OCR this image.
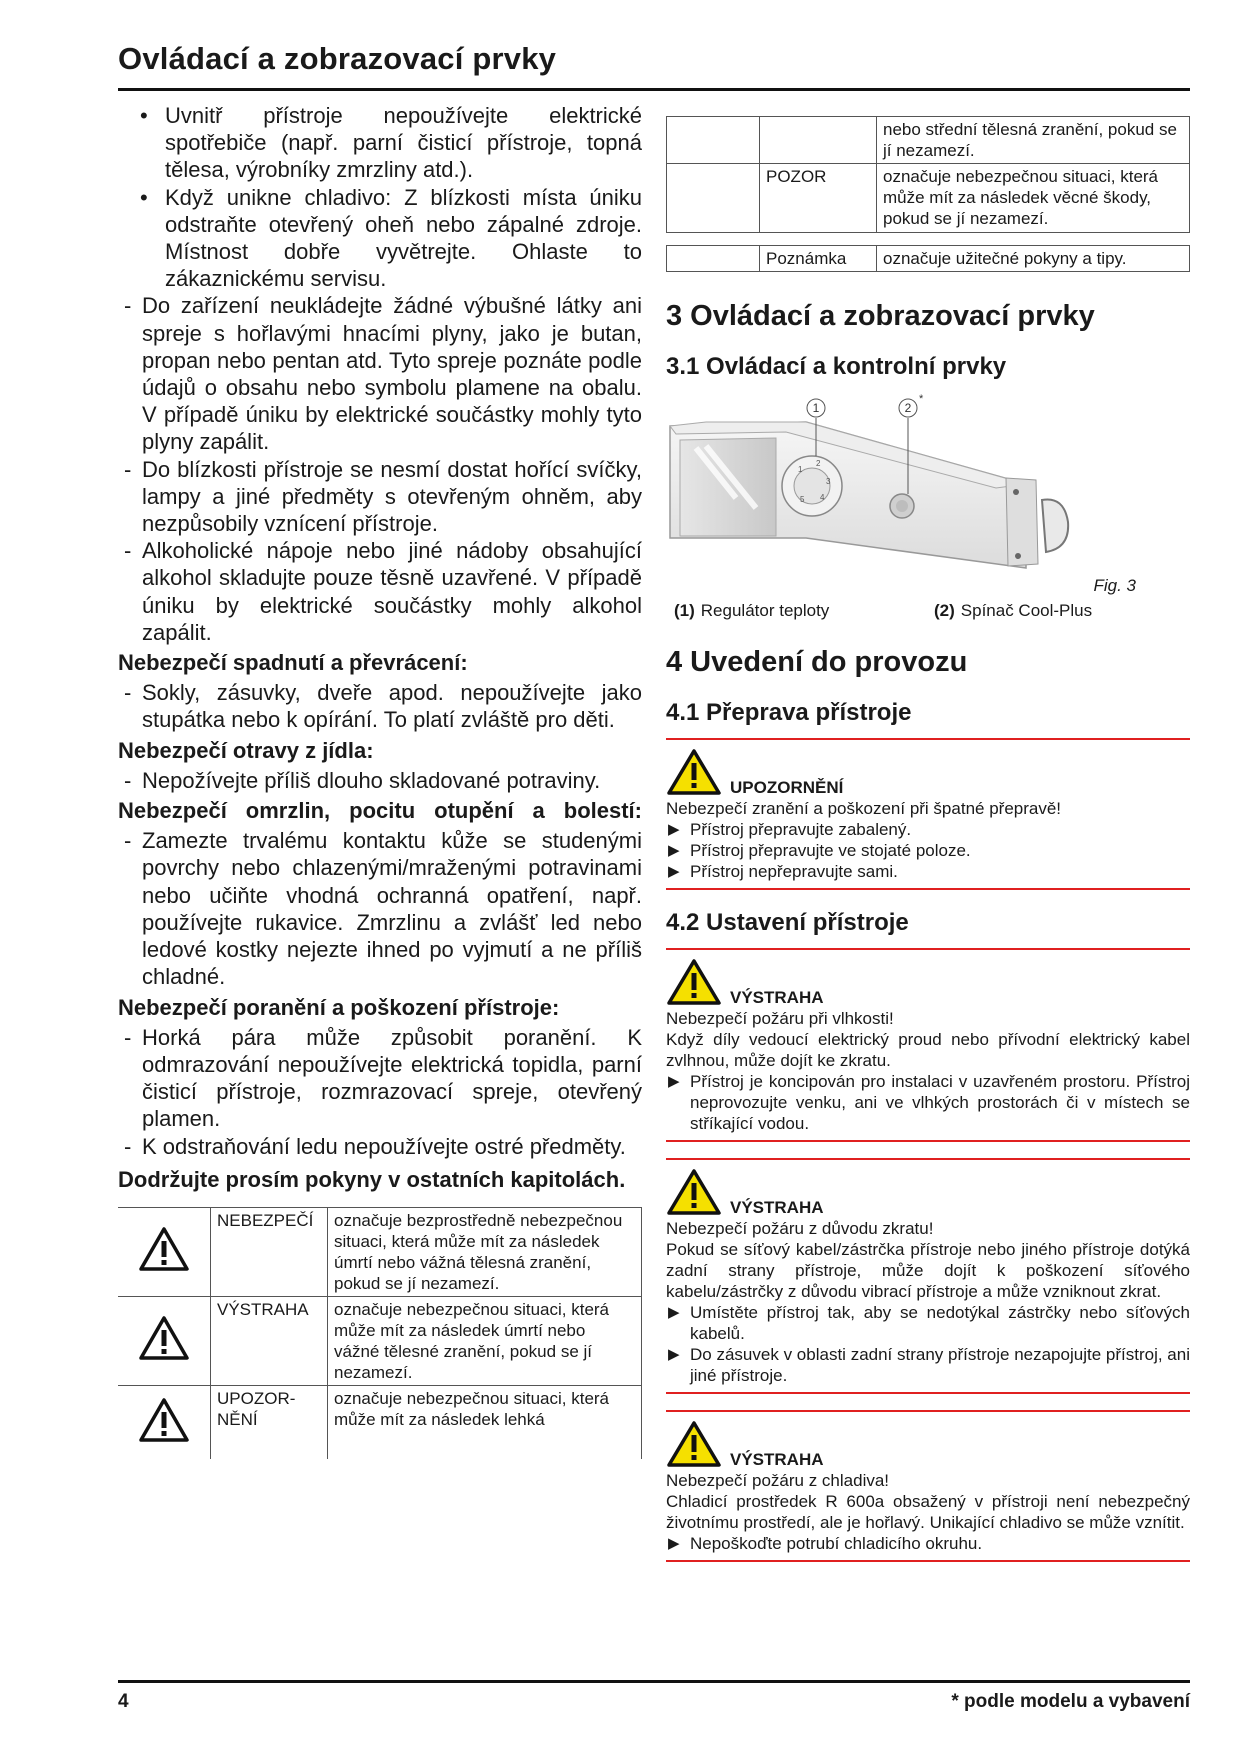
Ovládací a zobrazovací prvky
• Uvnitř přístroje nepoužívejte elektrické spotřebiče (např. parní čisticí přístroje, topná tělesa, výrobníky zmrzliny atd.).
• Když unikne chladivo: Z blízkosti místa úniku odstraňte otevřený oheň nebo zápalné zdroje. Místnost dobře vyvětrejte. Ohlaste to zákaznickému servisu.
- Do zařízení neukládejte žádné výbušné látky ani spreje s hořlavými hnacími plyny, jako je butan, propan nebo pentan atd. Tyto spreje poznáte podle údajů o obsahu nebo symbolu plamene na obalu. V případě úniku by elektrické součástky mohly tyto plyny zapálit.
- Do blízkosti přístroje se nesmí dostat hořící svíčky, lampy a jiné předměty s otevřeným ohněm, aby nezpůsobily vznícení přístroje.
- Alkoholické nápoje nebo jiné nádoby obsahující alkohol skladujte pouze těsně uzavřené. V případě úniku by elektrické součástky mohly alkohol zapálit.
Nebezpečí spadnutí a převrácení:
- Sokly, zásuvky, dveře apod. nepoužívejte jako stupátka nebo k opírání. To platí zvláště pro děti.
Nebezpečí otravy z jídla:
- Nepožívejte příliš dlouho skladované potraviny.
Nebezpečí omrzlin, pocitu otupění a bolestí:
- Zamezte trvalému kontaktu kůže se studenými povrchy nebo chlazenými/mraženými potravinami nebo učiňte vhodná ochranná opatření, např. používejte rukavice. Zmrzlinu a zvlášť led nebo ledové kostky nejezte ihned po vyjmutí a ne příliš chladné.
Nebezpečí poranění a poškození přístroje:
- Horká pára může způsobit poranění. K odmrazování nepoužívejte elektrická topidla, parní čisticí přístroje, rozmrazovací spreje, otevřený plamen.
- K odstraňování ledu nepoužívejte ostré předměty.
Dodržujte prosím pokyny v ostatních kapitolách.
	NEBEZPEČÍ	označuje bezprostředně nebezpečnou situaci, která může mít za následek úmrtí nebo vážná tělesná zranění, pokud se jí nezamezí.
	VÝSTRAHA	označuje nebezpečnou situaci, která může mít za následek úmrtí nebo vážné tělesné zranění, pokud se jí nezamezí.
	UPOZOR-NĚNÍ	označuje nebezpečnou situaci, která může mít za následek lehká
		nebo střední tělesná zranění, pokud se jí nezamezí.
	POZOR	označuje nebezpečnou situaci, která může mít za následek věcné škody, pokud se jí nezamezí.
	Poznámka	označuje užitečné pokyny a tipy.
3 Ovládací a zobrazovací prvky
3.1 Ovládací a kontrolní prvky
1
2
3
4
5
1	2
*
Fig. 3
(1) Regulátor teploty	(2) Spínač Cool-Plus
4 Uvedení do provozu
4.1 Přeprava přístroje
UPOZORNĚNÍ
Nebezpečí zranění a poškození při špatné přepravě!
▶ Přístroj přepravujte zabalený.
▶ Přístroj přepravujte ve stojaté poloze.
▶ Přístroj nepřepravujte sami.
4.2 Ustavení přístroje
VÝSTRAHA
Nebezpečí požáru při vlhkosti!
Když díly vedoucí elektrický proud nebo přívodní elektrický kabel zvlhnou, může dojít ke zkratu.
▶ Přístroj je koncipován pro instalaci v uzavřeném prostoru. Přístroj neprovozujte venku, ani ve vlhkých prostorách či v místech se stříkající vodou.
VÝSTRAHA
Nebezpečí požáru z důvodu zkratu!
Pokud se síťový kabel/zástrčka přístroje nebo jiného přístroje dotýká zadní strany přístroje, může dojít k poškození síťového kabelu/zástrčky z důvodu vibrací přístroje a může vzniknout zkrat.
▶ Umístěte přístroj tak, aby se nedotýkal zástrčky nebo síťových kabelů.
▶ Do zásuvek v oblasti zadní strany přístroje nezapojujte přístroj, ani jiné přístroje.
VÝSTRAHA
Nebezpečí požáru z chladiva!
Chladicí prostředek R 600a obsažený v přístroji není nebezpečný životnímu prostředí, ale je hořlavý. Unikající chladivo se může vznítit.
▶ Nepoškoďte potrubí chladicího okruhu.
4	* podle modelu a vybavení
